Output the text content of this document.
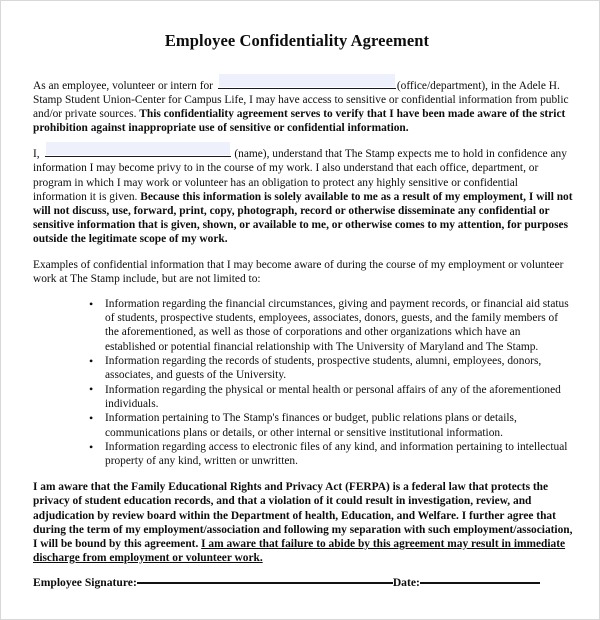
Employee Confidentiality Agreement

As an employee, volunteer or intern for	(office/department), in the Adele H. Stamp Student Union-Center for Campus Life, I may have access to sensitive or confidential information from public and/or private sources. This confidentiality agreement serves to verify that I have been made aware of the strict prohibition against inappropriate use of sensitive or confidential information.

I,	(name), understand that The Stamp expects me to hold in confidence any information I may become privy to in the course of my work. I also understand that each office, department, or program in which I may work or volunteer has an obligation to protect any highly sensitive or confidential information it is given. Because this information is solely available to me as a result of my employment, I will not will not discuss, use, forward, print, copy, photograph, record or otherwise disseminate any confidential or sensitive information that is given, shown, or available to me, or otherwise comes to my attention, for purposes outside the legitimate scope of my work.

Examples of confidential information that I may become aware of during the course of my employment or volunteer work at The Stamp include, but are not limited to:

• Information regarding the financial circumstances, giving and payment records, or financial aid status of students, prospective students, employees, associates, donors, guests, and the family members of the aforementioned, as well as those of corporations and other organizations which have an established or potential financial relationship with The University of Maryland and The Stamp.
• Information regarding the records of students, prospective students, alumni, employees, donors, associates, and guests of the University.
• Information regarding the physical or mental health or personal affairs of any of the aforementioned individuals.
• Information pertaining to The Stamp's finances or budget, public relations plans or details, communications plans or details, or other internal or sensitive institutional information.
• Information regarding access to electronic files of any kind, and information pertaining to intellectual property of any kind, written or unwritten.

I am aware that the Family Educational Rights and Privacy Act (FERPA) is a federal law that protects the privacy of student education records, and that a violation of it could result in investigation, review, and adjudication by review board within the Department of health, Education, and Welfare. I further agree that during the term of my employment/association and following my separation with such employment/association, I will be bound by this agreement. I am aware that failure to abide by this agreement may result in immediate discharge from employment or volunteer work.

Employee Signature:	Date:
